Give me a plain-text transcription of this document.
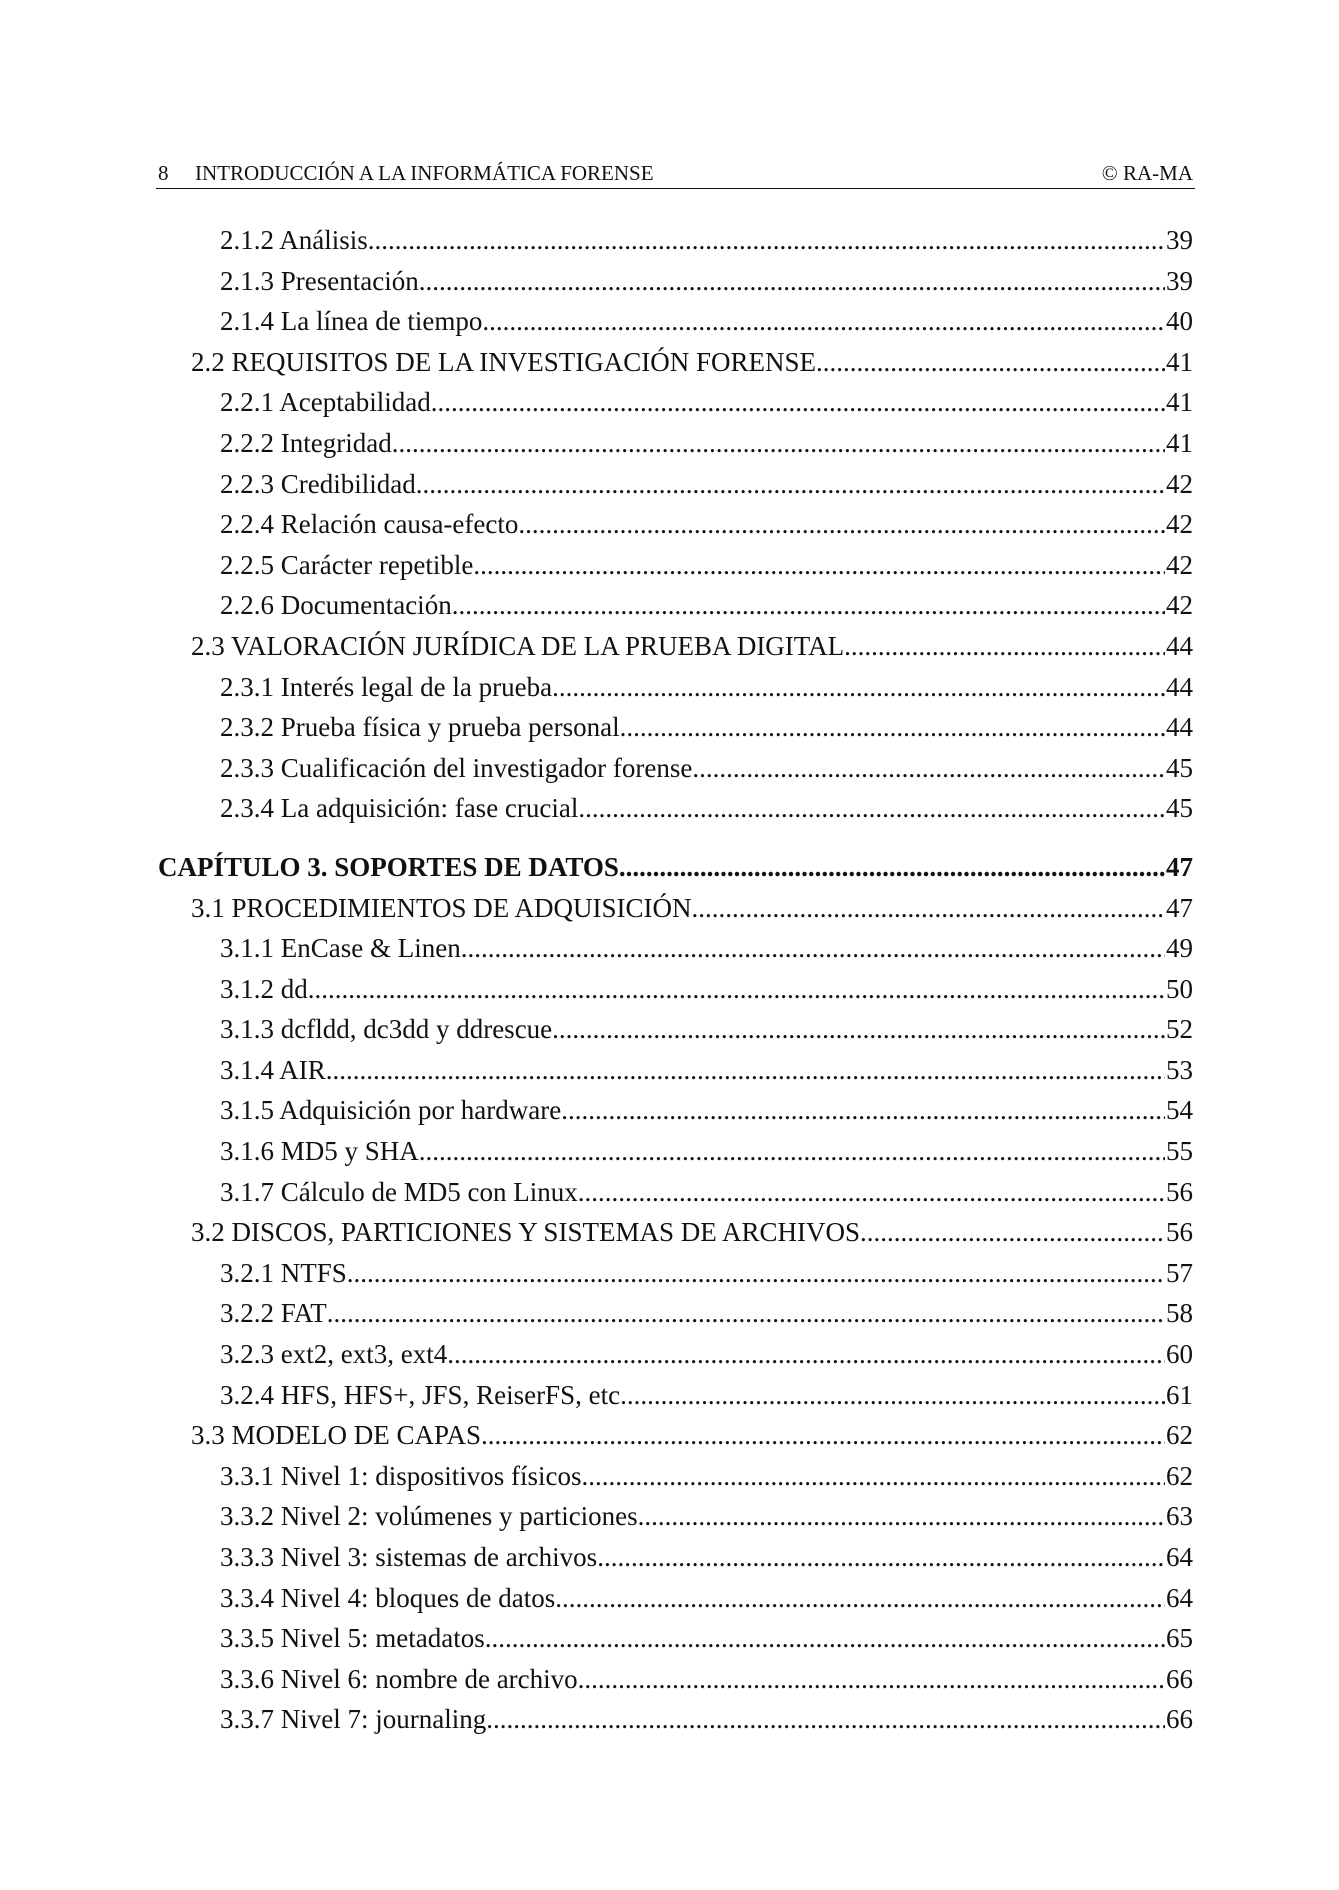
8 INTRODUCCIÓN A LA INFORMÁTICA FORENSE	© RA-MA
2.1.2 Análisis .....	39
2.1.3 Presentación .....	39
2.1.4 La línea de tiempo .....	40
2.2 REQUISITOS DE LA INVESTIGACIÓN FORENSE .....	41
2.2.1 Aceptabilidad .....	41
2.2.2 Integridad .....	41
2.2.3 Credibilidad .....	42
2.2.4 Relación causa-efecto .....	42
2.2.5 Carácter repetible .....	42
2.2.6 Documentación .....	42
2.3 VALORACIÓN JURÍDICA DE LA PRUEBA DIGITAL .....	44
2.3.1 Interés legal de la prueba .....	44
2.3.2 Prueba física y prueba personal .....	44
2.3.3 Cualificación del investigador forense .....	45
2.3.4 La adquisición: fase crucial .....	45
CAPÍTULO 3. SOPORTES DE DATOS .....	47
3.1 PROCEDIMIENTOS DE ADQUISICIÓN .....	47
3.1.1 EnCase & Linen .....	49
3.1.2 dd .....	50
3.1.3 dcfldd, dc3dd y ddrescue .....	52
3.1.4 AIR .....	53
3.1.5 Adquisición por hardware .....	54
3.1.6 MD5 y SHA .....	55
3.1.7 Cálculo de MD5 con Linux .....	56
3.2 DISCOS, PARTICIONES Y SISTEMAS DE ARCHIVOS .....	56
3.2.1 NTFS .....	57
3.2.2 FAT .....	58
3.2.3 ext2, ext3, ext4 .....	60
3.2.4 HFS, HFS+, JFS, ReiserFS, etc .....	61
3.3 MODELO DE CAPAS .....	62
3.3.1 Nivel 1: dispositivos físicos .....	62
3.3.2 Nivel 2: volúmenes y particiones .....	63
3.3.3 Nivel 3: sistemas de archivos .....	64
3.3.4 Nivel 4: bloques de datos .....	64
3.3.5 Nivel 5: metadatos .....	65
3.3.6 Nivel 6: nombre de archivo .....	66
3.3.7 Nivel 7: journaling .....	66
